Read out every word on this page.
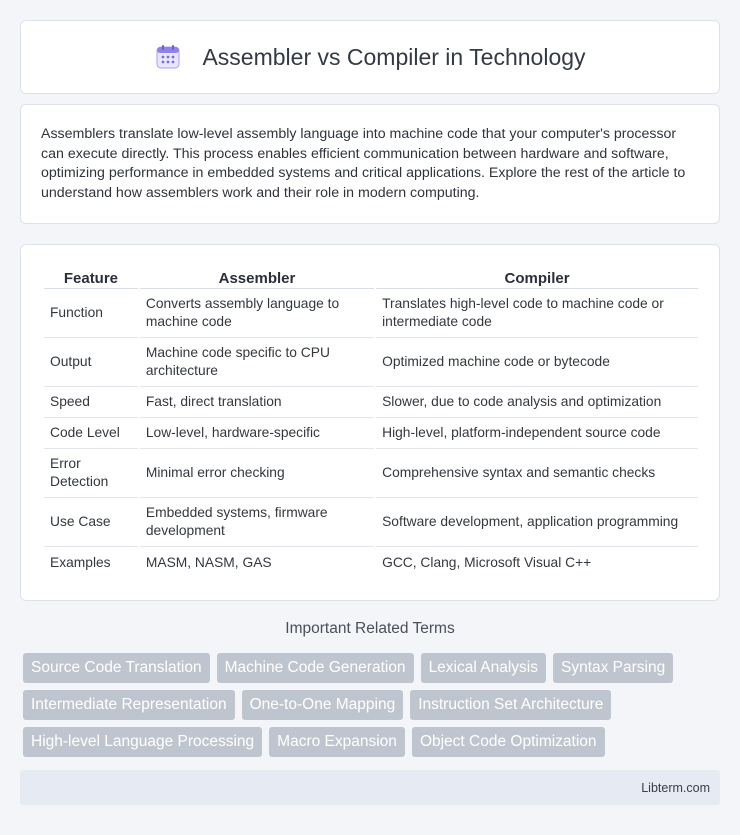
Assembler vs Compiler in Technology

Assemblers translate low-level assembly language into machine code that your computer's processor can execute directly. This process enables efficient communication between hardware and software, optimizing performance in embedded systems and critical applications. Explore the rest of the article to understand how assemblers work and their role in modern computing.

Feature	Assembler	Compiler
Function	Converts assembly language to machine code	Translates high-level code to machine code or intermediate code
Output	Machine code specific to CPU architecture	Optimized machine code or bytecode
Speed	Fast, direct translation	Slower, due to code analysis and optimization
Code Level	Low-level, hardware-specific	High-level, platform-independent source code
Error Detection	Minimal error checking	Comprehensive syntax and semantic checks
Use Case	Embedded systems, firmware development	Software development, application programming
Examples	MASM, NASM, GAS	GCC, Clang, Microsoft Visual C++
Important Related Terms
Source Code Translation	Machine Code Generation	Lexical Analysis	Syntax Parsing
Intermediate Representation	One-to-One Mapping	Instruction Set Architecture
High-level Language Processing	Macro Expansion	Object Code Optimization
Libterm.com
